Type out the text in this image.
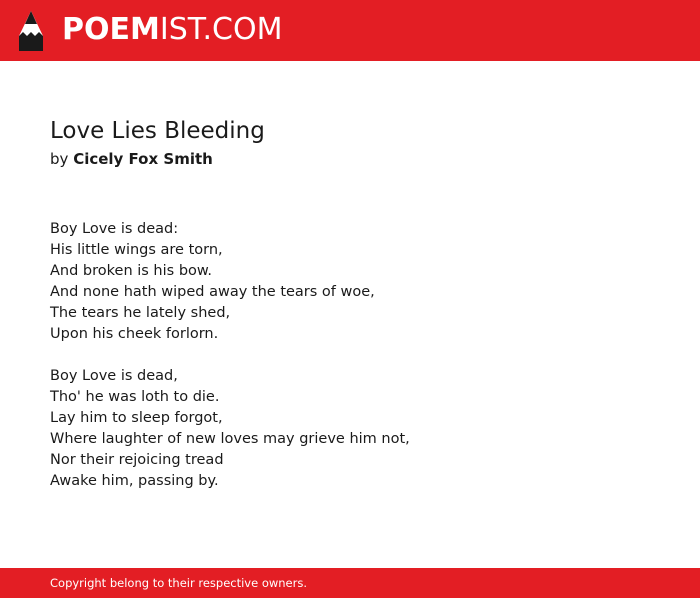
POEMIST.COM
Love Lies Bleeding
by Cicely Fox Smith
Boy Love is dead:
His little wings are torn,
And broken is his bow.
And none hath wiped away the tears of woe,
The tears he lately shed,
Upon his cheek forlorn.
Boy Love is dead,
Tho' he was loth to die.
Lay him to sleep forgot,
Where laughter of new loves may grieve him not,
Nor their rejoicing tread
Awake him, passing by.
Copyright belong to their respective owners.
